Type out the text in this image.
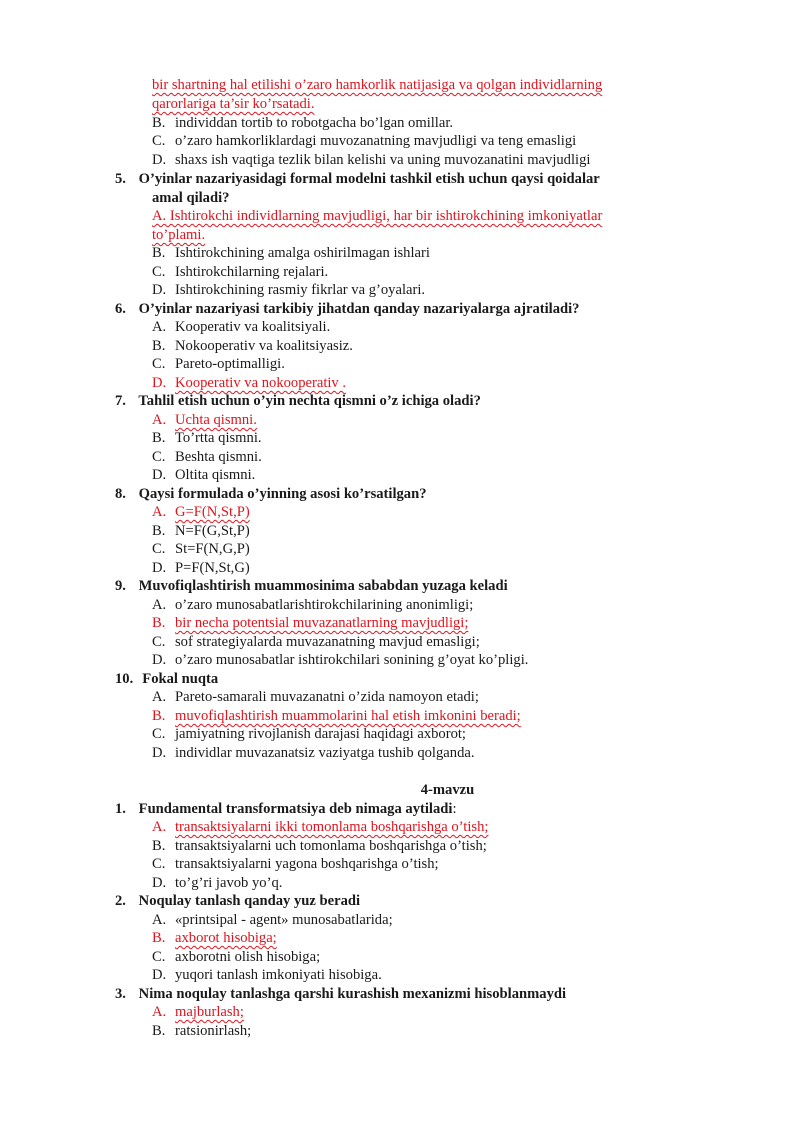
bir shartning hal etilishi o’zaro hamkorlik natijasiga va qolgan individlarning
qarorlariga ta’sir ko’rsatadi.
B. individdan tortib to robotgacha bo’lgan omillar.
C. o’zaro hamkorliklardagi muvozanatning mavjudligi va teng emasligi
D. shaxs ish vaqtiga tezlik bilan kelishi va uning muvozanatini mavjudligi
5. O’yinlar nazariyasidagi formal modelni tashkil etish uchun qaysi qoidalar
amal qiladi?
A. Ishtirokchi individlarning mavjudligi, har bir ishtirokchining imkoniyatlar
to’plami.
B. Ishtirokchining amalga oshirilmagan ishlari
C. Ishtirokchilarning rejalari.
D. Ishtirokchining rasmiy fikrlar va g’oyalari.
6. O’yinlar nazariyasi tarkibiy jihatdan qanday nazariyalarga ajratiladi?
A. Kooperativ va koalitsiyali.
B. Nokooperativ va koalitsiyasiz.
C. Pareto-optimalligi.
D. Kooperativ va nokooperativ .
7. Tahlil etish uchun o’yin nechta qismni o’z ichiga oladi?
A. Uchta qismni.
B. To’rtta qismni.
C. Beshta qismni.
D. Oltita qismni.
8. Qaysi formulada o’yinning asosi ko’rsatilgan?
A. G=F(N,St,P)
B. N=F(G,St,P)
C. St=F(N,G,P)
D. P=F(N,St,G)
9. Muvofiqlashtirish muammosinima sababdan yuzaga keladi
A. o’zaro munosabatlarishtirokchilarining anonimligi;
B. bir necha potentsial muvazanatlarning mavjudligi;
C. sof strategiyalarda muvazanatning mavjud emasligi;
D. o’zaro munosabatlar ishtirokchilari sonining g’oyat ko’pligi.
10. Fokal nuqta
A. Pareto-samarali muvazanatni o’zida namoyon etadi;
B. muvofiqlashtirish muammolarini hal etish imkonini beradi;
C. jamiyatning rivojlanish darajasi haqidagi axborot;
D. individlar muvazanatsiz vaziyatga tushib qolganda.
4-mavzu
1. Fundamental transformatsiya deb nimaga aytiladi:
A. transaktsiyalarni ikki tomonlama boshqarishga o’tish;
B. transaktsiyalarni uch tomonlama boshqarishga o’tish;
C. transaktsiyalarni yagona boshqarishga o’tish;
D. to’g’ri javob yo’q.
2. Noqulay tanlash qanday yuz beradi
A. «printsipal - agent» munosabatlarida;
B. axborot hisobiga;
C. axborotni olish hisobiga;
D. yuqori tanlash imkoniyati hisobiga.
3. Nima noqulay tanlashga qarshi kurashish mexanizmi hisoblanmaydi
A. majburlash;
B. ratsionirlash;
